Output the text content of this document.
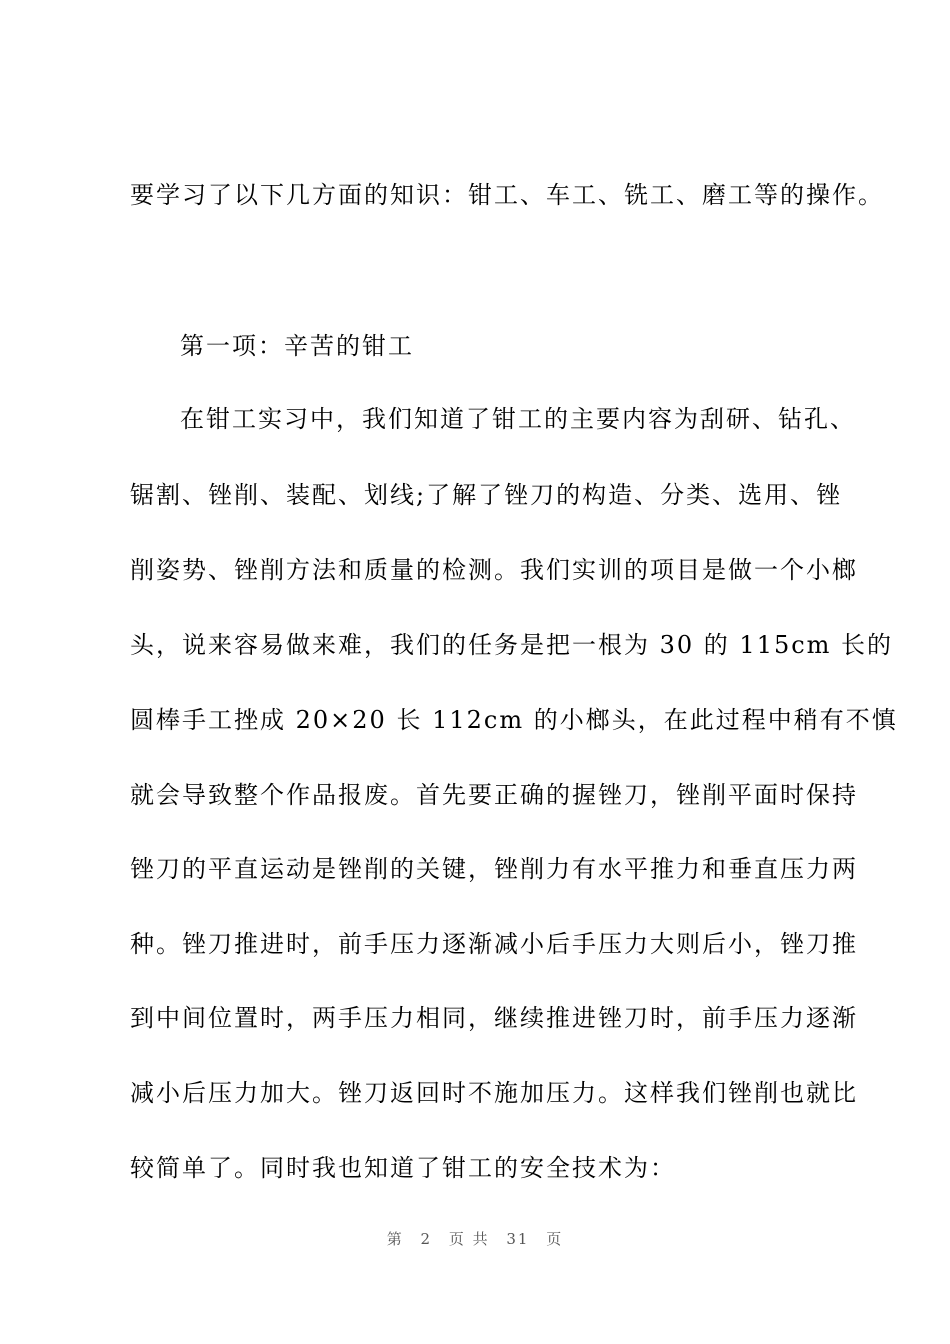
要学习了以下几方面的知识：钳工、车工、铣工、磨工等的操作。
第一项：辛苦的钳工
在钳工实习中，我们知道了钳工的主要内容为刮研、钻孔、
锯割、锉削、装配、划线;了解了锉刀的构造、分类、选用、锉
削姿势、锉削方法和质量的检测。我们实训的项目是做一个小榔
头，说来容易做来难，我们的任务是把一根为 30 的 115cm 长的
圆棒手工挫成 20×20 长 112cm 的小榔头，在此过程中稍有不慎
就会导致整个作品报废。首先要正确的握锉刀，锉削平面时保持
锉刀的平直运动是锉削的关键，锉削力有水平推力和垂直压力两
种。锉刀推进时，前手压力逐渐减小后手压力大则后小，锉刀推
到中间位置时，两手压力相同，继续推进锉刀时，前手压力逐渐
减小后压力加大。锉刀返回时不施加压力。这样我们锉削也就比
较简单了。同时我也知道了钳工的安全技术为：
第 2 页 共 31 页
